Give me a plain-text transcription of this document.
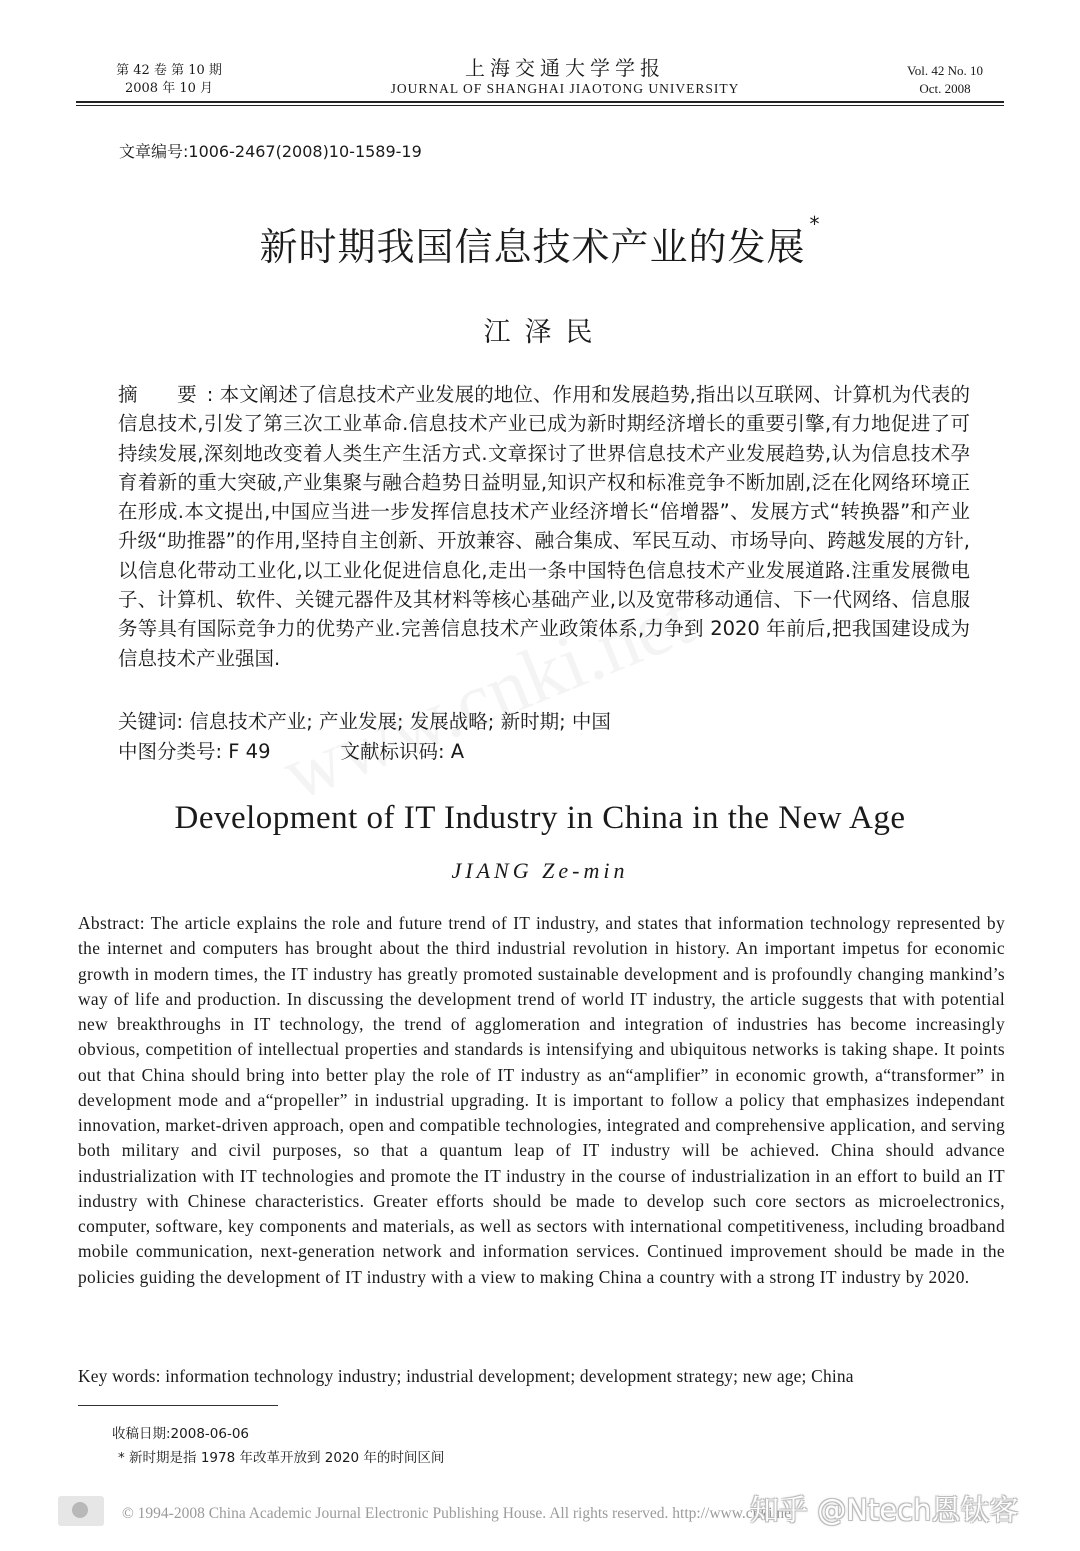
第 42 卷 第 10 期
2008 年 10 月
上海交通大学学报
JOURNAL OF SHANGHAI JIAOTONG UNIVERSITY
Vol. 42 No. 10
Oct. 2008
文章编号:1006-2467(2008)10-1589-19
新时期我国信息技术产业的发展*
江泽民
摘　要: 本文阐述了信息技术产业发展的地位、作用和发展趋势,指出以互联网、计算机为代表的信息技术,引发了第三次工业革命.信息技术产业已成为新时期经济增长的重要引擎,有力地促进了可持续发展,深刻地改变着人类生产生活方式.文章探讨了世界信息技术产业发展趋势,认为信息技术孕育着新的重大突破,产业集聚与融合趋势日益明显,知识产权和标准竞争不断加剧,泛在化网络环境正在形成.本文提出,中国应当进一步发挥信息技术产业经济增长“倍增器”、发展方式“转换器”和产业升级“助推器”的作用,坚持自主创新、开放兼容、融合集成、军民互动、市场导向、跨越发展的方针,以信息化带动工业化,以工业化促进信息化,走出一条中国特色信息技术产业发展道路.注重发展微电子、计算机、软件、关键元器件及其材料等核心基础产业,以及宽带移动通信、下一代网络、信息服务等具有国际竞争力的优势产业.完善信息技术产业政策体系,力争到 2020 年前后,把我国建设成为信息技术产业强国.
关键词: 信息技术产业; 产业发展; 发展战略; 新时期; 中国
中图分类号: F 49	文献标识码: A
Development of IT Industry in China in the New Age
JIANG Ze-min
Abstract: The article explains the role and future trend of IT industry, and states that information technology represented by the internet and computers has brought about the third industrial revolution in history. An important impetus for economic growth in modern times, the IT industry has greatly promoted sustainable development and is profoundly changing mankind’s way of life and production. In discussing the development trend of world IT industry, the article suggests that with potential new breakthroughs in IT technology, the trend of agglomeration and integration of industries has become increasingly obvious, competition of intellectual properties and standards is intensifying and ubiquitous networks is taking shape. It points out that China should bring into better play the role of IT industry as an“amplifier” in economic growth, a“transformer” in development mode and a“propeller” in industrial upgrading. It is important to follow a policy that emphasizes independant innovation, market-driven approach, open and compatible technologies, integrated and comprehensive application, and serving both military and civil purposes, so that a quantum leap of IT industry will be achieved. China should advance industrialization with IT technologies and promote the IT industry in the course of industrialization in an effort to build an IT industry with Chinese characteristics. Greater efforts should be made to develop such core sectors as microelectronics, computer, software, key components and materials, as well as sectors with international competitiveness, including broadband mobile communication, next-generation network and information services. Continued improvement should be made in the policies guiding the development of IT industry with a view to making China a country with a strong IT industry by 2020.
Key words: information technology industry; industrial development; development strategy; new age; China
收稿日期:2008-06-06
* 新时期是指 1978 年改革开放到 2020 年的时间区间
© 1994-2008 China Academic Journal Electronic Publishing House. All rights reserved. http://www.cnki.net
知乎 @Ntech恩钛客
